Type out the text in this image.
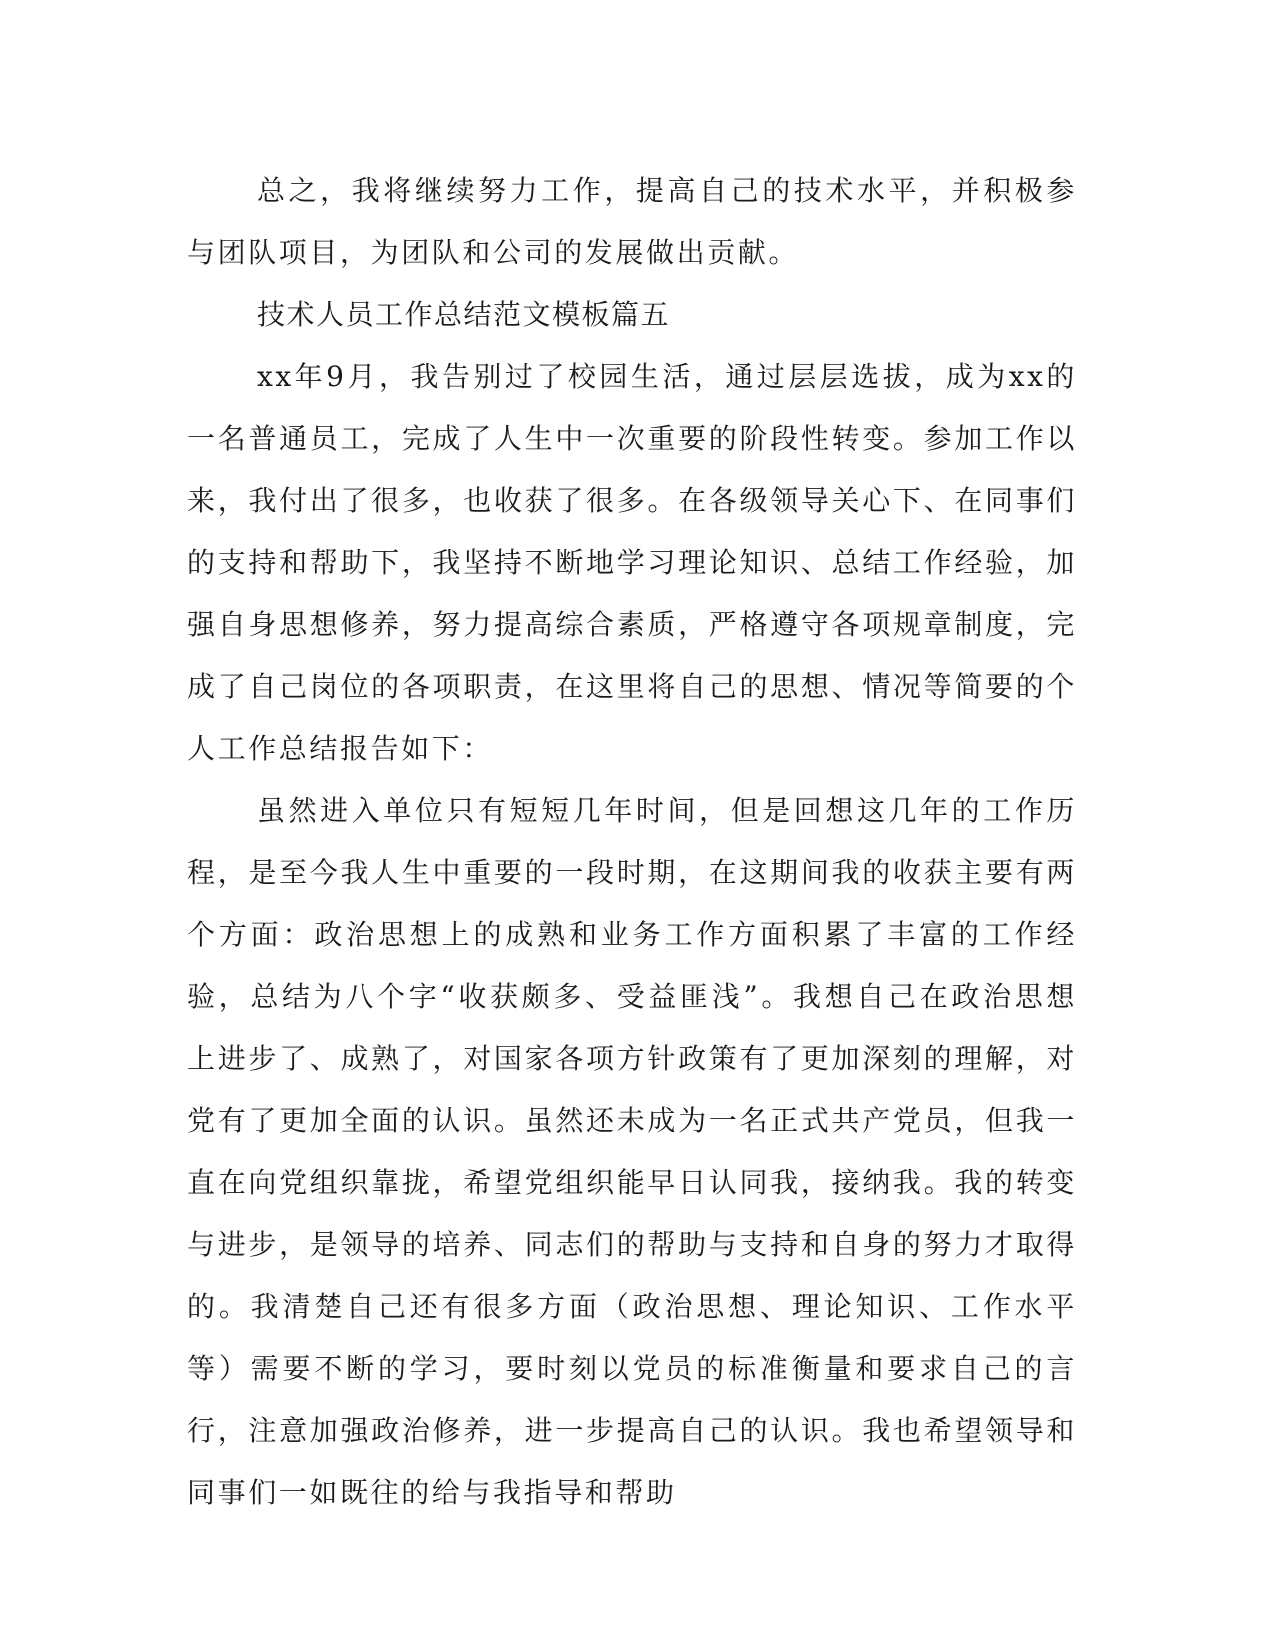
总之，我将继续努力工作，提高自己的技术水平，并积极参与团队项目，为团队和公司的发展做出贡献。

技术人员工作总结范文模板篇五

xx年9月，我告别过了校园生活，通过层层选拔，成为xx的一名普通员工，完成了人生中一次重要的阶段性转变。参加工作以来，我付出了很多，也收获了很多。在各级领导关心下、在同事们的支持和帮助下，我坚持不断地学习理论知识、总结工作经验，加强自身思想修养，努力提高综合素质，严格遵守各项规章制度，完成了自己岗位的各项职责，在这里将自己的思想、情况等简要的个人工作总结报告如下：

虽然进入单位只有短短几年时间，但是回想这几年的工作历程，是至今我人生中重要的一段时期，在这期间我的收获主要有两个方面：政治思想上的成熟和业务工作方面积累了丰富的工作经验，总结为八个字“收获颇多、受益匪浅”。我想自己在政治思想上进步了、成熟了，对国家各项方针政策有了更加深刻的理解，对党有了更加全面的认识。虽然还未成为一名正式共产党员，但我一直在向党组织靠拢，希望党组织能早日认同我，接纳我。我的转变与进步，是领导的培养、同志们的帮助与支持和自身的努力才取得的。我清楚自己还有很多方面（政治思想、理论知识、工作水平等）需要不断的学习，要时刻以党员的标准衡量和要求自己的言行，注意加强政治修养，进一步提高自己的认识。我也希望领导和同事们一如既往的给与我指导和帮助
